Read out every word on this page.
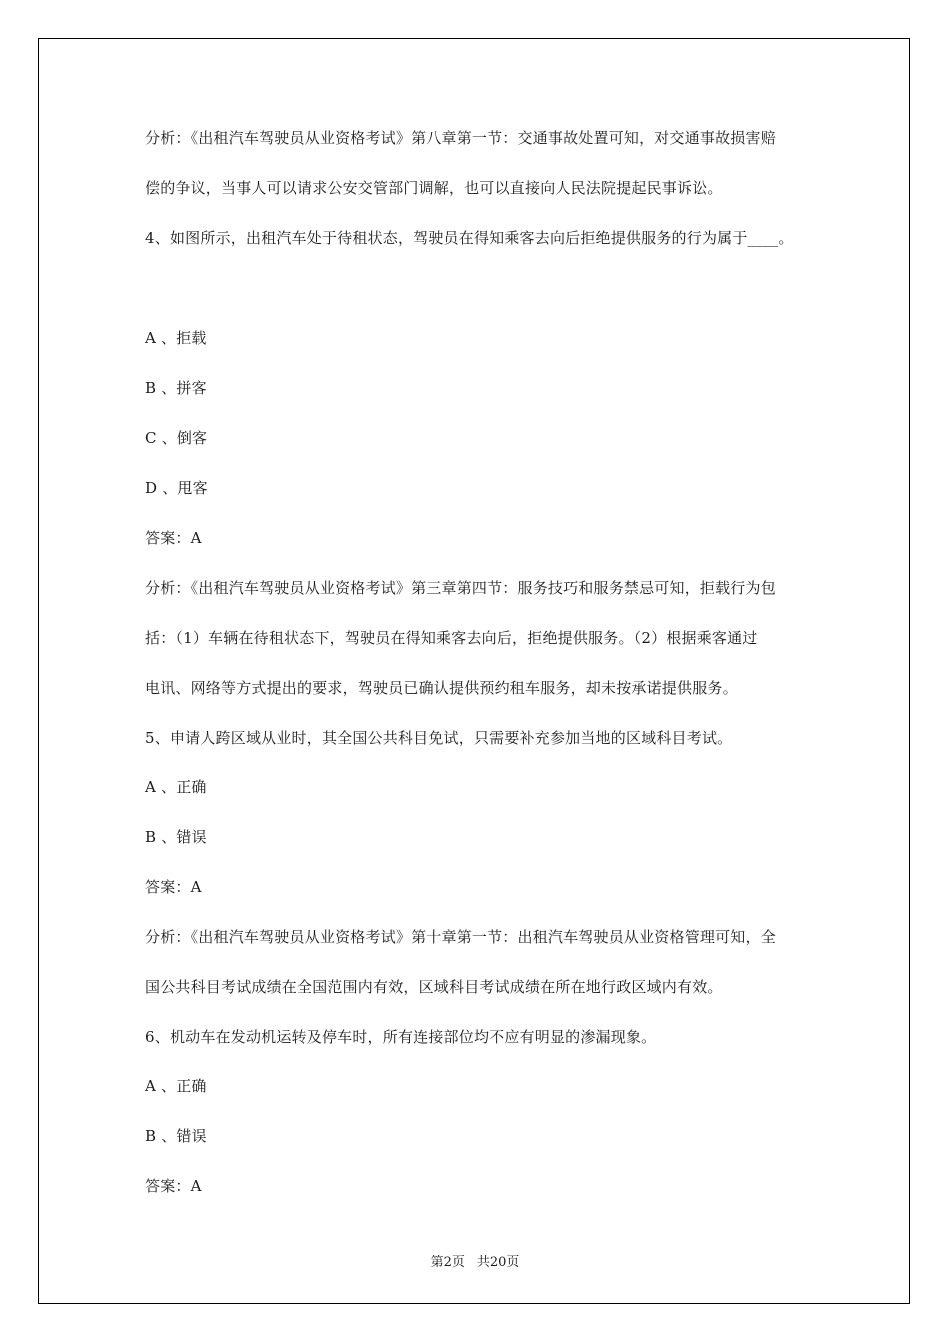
分析：《出租汽车驾驶员从业资格考试》第八章第一节：交通事故处置可知，对交通事故损害赔
偿的争议，当事人可以请求公安交管部门调解，也可以直接向人民法院提起民事诉讼。
4、如图所示，出租汽车处于待租状态，驾驶员在得知乘客去向后拒绝提供服务的行为属于____。
A 、拒载
B 、拼客
C 、倒客
D 、甩客
答案：A
分析：《出租汽车驾驶员从业资格考试》第三章第四节：服务技巧和服务禁忌可知，拒载行为包
括：（1）车辆在待租状态下，驾驶员在得知乘客去向后，拒绝提供服务。（2）根据乘客通过
电讯、网络等方式提出的要求，驾驶员已确认提供预约租车服务，却未按承诺提供服务。
5、申请人跨区域从业时，其全国公共科目免试，只需要补充参加当地的区域科目考试。
A 、正确
B 、错误
答案：A
分析：《出租汽车驾驶员从业资格考试》第十章第一节：出租汽车驾驶员从业资格管理可知，全
国公共科目考试成绩在全国范围内有效，区域科目考试成绩在所在地行政区域内有效。
6、机动车在发动机运转及停车时，所有连接部位均不应有明显的渗漏现象。
A 、正确
B 、错误
答案：A
第2页 共20页
